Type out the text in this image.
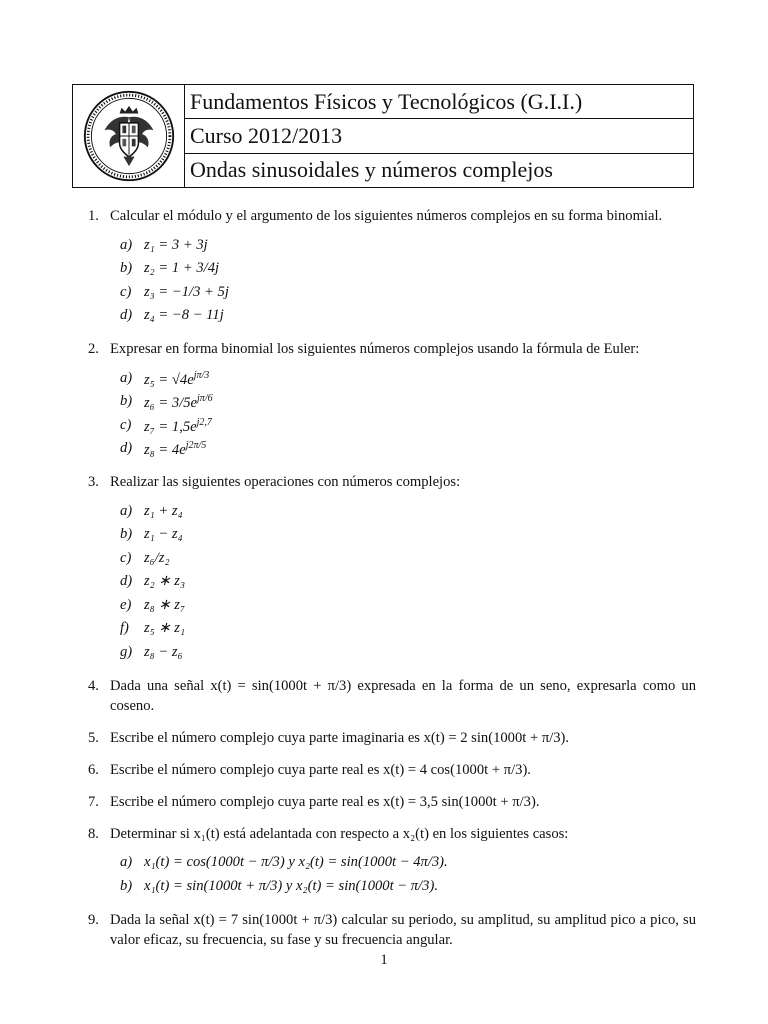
Fundamentos Físicos y Tecnológicos (G.I.I.)
Curso 2012/2013
Ondas sinusoidales y números complejos
1. Calcular el módulo y el argumento de los siguientes números complejos en su forma binomial.
a) z₁ = 3 + 3j
b) z₂ = 1 + 3/4j
c) z₃ = −1/3 + 5j
d) z₄ = −8 − 11j
2. Expresar en forma binomial los siguientes números complejos usando la fórmula de Euler:
a) $z_5 = √4e^{j\pi/3}$
b) $z_6 = 3/5e^{j\pi/6}$
c) $z_7 = 1,5e^{j2,7}$
d) $z_8 = 4e^{j2\pi/5}$
3. Realizar las siguientes operaciones con números complejos:
a) z₁ + z₄
b) z₁ − z₄
c) z₆/z₂
d) z₂ ∗ z₃
e) z₈ ∗ z₇
f)	z₅ ∗ z₁
g) z₈ − z₆
4. Dada una señal x(t) = sin(1000t + π/3) expresada en la forma de un seno, expresarla como un coseno.
5. Escribe el número complejo cuya parte imaginaria es x(t) = 2 sin(1000t + π/3).
6. Escribe el número complejo cuya parte real es x(t) = 4 cos(1000t + π/3).
7. Escribe el número complejo cuya parte real es x(t) = 3,5 sin(1000t + π/3).
8. Determinar si x₁(t) está adelantada con respecto a x₂(t) en los siguientes casos:
a) x₁(t) = cos(1000t − π/3) y x₂(t) = sin(1000t − 4π/3).
b) x₁(t) = sin(1000t + π/3) y x₂(t) = sin(1000t − π/3).
9. Dada la señal x(t) = 7 sin(1000t + π/3) calcular su periodo, su amplitud, su amplitud pico a pico, su valor eficaz, su frecuencia, su fase y su frecuencia angular.
1
